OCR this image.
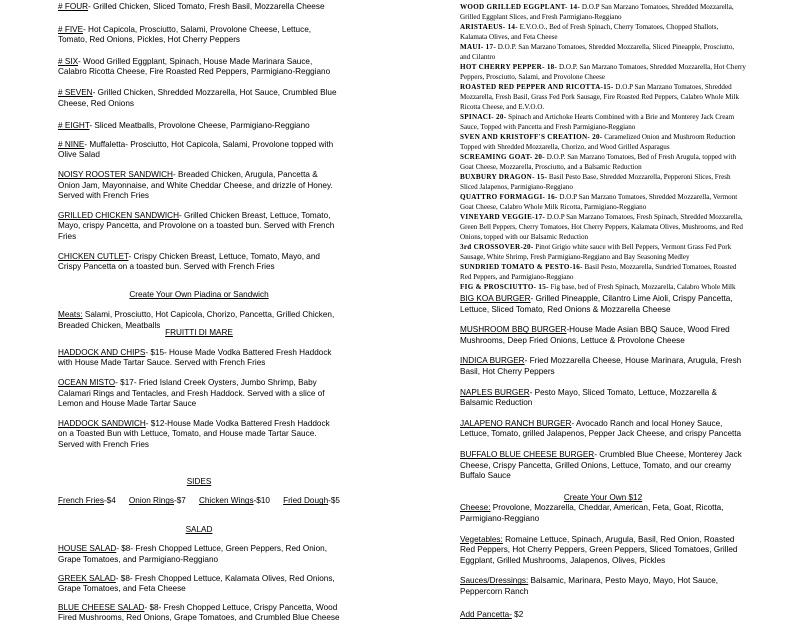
# FOUR- Grilled Chicken, Sliced Tomato, Fresh Basil, Mozzarella Cheese

# FIVE- Hot Capicola, Prosciutto, Salami, Provolone Cheese, Lettuce, Tomato, Red Onions, Pickles, Hot Cherry Peppers

# SIX- Wood Grilled Eggplant, Spinach, House Made Marinara Sauce, Calabro Ricotta Cheese, Fire Roasted Red Peppers, Parmigiano-Reggiano

# SEVEN- Grilled Chicken, Shredded Mozzarella, Hot Sauce, Crumbled Blue Cheese, Red Onions

# EIGHT- Sliced Meatballs, Provolone Cheese, Parmigiano-Reggiano

# NINE- Muffaletta- Prosciutto, Hot Capicola, Salami, Provolone topped with Olive Salad

NOISY ROOSTER SANDWICH- Breaded Chicken, Arugula, Pancetta & Onion Jam, Mayonnaise, and White Cheddar Cheese, and drizzle of Honey. Served with French Fries

GRILLED CHICKEN SANDWICH- Grilled Chicken Breast, Lettuce, Tomato, Mayo, crispy Pancetta, and Provolone on a toasted bun. Served with French Fries

CHICKEN CUTLET- Crispy Chicken Breast, Lettuce, Tomato, Mayo, and Crispy Pancetta on a toasted bun. Served with French Fries

Create Your Own Piadina or Sandwich

Meats: Salami, Prosciutto, Hot Capicola, Chorizo, Pancetta, Grilled Chicken, Breaded Chicken, Meatballs

FRUITTI DI MARE

HADDOCK AND CHIPS- $15- House Made Vodka Battered Fresh Haddock with House Made Tartar Sauce. Served with French Fries

OCEAN MISTO- $17- Fried Island Creek Oysters, Jumbo Shrimp, Baby Calamari Rings and Tentacles, and Fresh Haddock. Served with a slice of Lemon and House Made Tartar Sauce

HADDOCK SANDWICH- $12-House Made Vodka Battered Fresh Haddock on a Toasted Bun with Lettuce, Tomato, and House made Tartar Sauce. Served with French Fries

SIDES

French Fries-$4 Onion Rings-$7 Chicken Wings-$10 Fried Dough-$5

SALAD

HOUSE SALAD- $8- Fresh Chopped Lettuce, Green Peppers, Red Onion, Grape Tomatoes, and Parmigiano-Reggiano

GREEK SALAD- $8- Fresh Chopped Lettuce, Kalamata Olives, Red Onions, Grape Tomatoes, and Feta Cheese

BLUE CHEESE SALAD- $8- Fresh Chopped Lettuce, Crispy Pancetta, Wood Fired Mushrooms, Red Onions, Grape Tomatoes, and Crumbled Blue Cheese

WOOD GRILLED EGGPLANT- 14- D.O.P San Marzano Tomatoes, Shredded Mozzarella, Grilled Eggplant Slices, and Fresh Parmigiano-Reggiano

ARISTAEUS- 14- E.V.O.O., Bed of Fresh Spinach, Cherry Tomatoes, Chopped Shallots, Kalamata Olives, and Feta Cheese

MAUI- 17- D.O.P. San Marzano Tomatoes, Shredded Mozzarella, Sliced Pineapple, Prosciutto, and Cilantro

HOT CHERRY PEPPER- 18- D.O.P. San Marzano Tomatoes, Shredded Mozzarella, Hot Cherry Peppers, Prosciutto, Salami, and Provolone Cheese

ROASTED RED PEPPER AND RICOTTA-15- D.O.P San Marzano Tomatoes, Shredded Mozzarella, Fresh Basil, Grass Fed Pork Sausage, Fire Roasted Red Peppers, Calabro Whole Milk Ricotta Cheese, and E.V.O.O.

SPINACI- 20- Spinach and Artichoke Hearts Combined with a Brie and Monterey Jack Cream Sauce, Topped with Pancetta and Fresh Parmigiano-Reggiano

SVEN AND KRISTOFF'S CREATION- 20- Caramelized Onion and Mushroom Reduction Topped with Shredded Mozzarella, Chorizo, and Wood Grilled Asparagus

SCREAMING GOAT- 20- D.O.P. San Marzano Tomatoes, Bed of Fresh Arugula, topped with Goat Cheese, Mozzarella, Prosciutto, and a Balsamic Reduction

BUXBURY DRAGON- 15- Basil Pesto Base, Shredded Mozzarella, Pepperoni Slices, Fresh Sliced Jalapenos, Parmigiano-Reggiano

QUATTRO FORMAGGI- 16- D.O.P San Marzano Tomatoes, Shredded Mozzarella, Vermont Goat Cheese, Calabro Whole Milk Ricotta, Parmigiano-Reggiano

VINEYARD VEGGIE-17- D.O.P San Marzano Tomatoes, Fresh Spinach, Shredded Mozzarella, Green Bell Peppers, Cherry Tomatoes, Hot Cherry Peppers, Kalamata Olives, Mushrooms, and Red Onions, topped with our Balsamic Reduction

3rd CROSSOVER-20- Pinot Grigio white sauce with Bell Peppers, Vermont Grass Fed Pork Sausage, White Shrimp, Fresh Parmigiano-Reggiano and Bay Seasoning Medley

SUNDRIED TOMATO & PESTO-16- Basil Pesto, Mozzarella, Sundried Tomatoes, Roasted Red Peppers, and Parmigiano-Reggiano

FIG & PROSCIUTTO- 15- Fig base, bed of Fresh Spinach, Mozzarella, Calabro Whole Milk

BIG KOA BURGER- Grilled Pineapple, Cilantro Lime Aioli, Crispy Pancetta, Lettuce, Sliced Tomato, Red Onions & Mozzarella Cheese

MUSHROOM BBQ BURGER-House Made Asian BBQ Sauce, Wood Fired Mushrooms, Deep Fried Onions, Lettuce & Provolone Cheese

INDICA BURGER- Fried Mozzarella Cheese, House Marinara, Arugula, Fresh Basil, Hot Cherry Peppers

NAPLES BURGER- Pesto Mayo, Sliced Tomato, Lettuce, Mozzarella & Balsamic Reduction

JALAPENO RANCH BURGER- Avocado Ranch and local Honey Sauce, Lettuce, Tomato, grilled Jalapenos, Pepper Jack Cheese, and crispy Pancetta

BUFFALO BLUE CHEESE BURGER- Crumbled Blue Cheese, Monterey Jack Cheese, Crispy Pancetta, Grilled Onions, Lettuce, Tomato, and our creamy Buffalo Sauce

Create Your Own $12

Cheese: Provolone, Mozzarella, Cheddar, American, Feta, Goat, Ricotta, Parmigiano-Reggiano

Vegetables: Romaine Lettuce, Spinach, Arugula, Basil, Red Onion, Roasted Red Peppers, Hot Cherry Peppers, Green Peppers, Sliced Tomatoes, Grilled Eggplant, Grilled Mushrooms, Jalapenos, Olives, Pickles

Sauces/Dressings: Balsamic, Marinara, Pesto Mayo, Mayo, Hot Sauce, Peppercorn Ranch

Add Pancetta- $2
